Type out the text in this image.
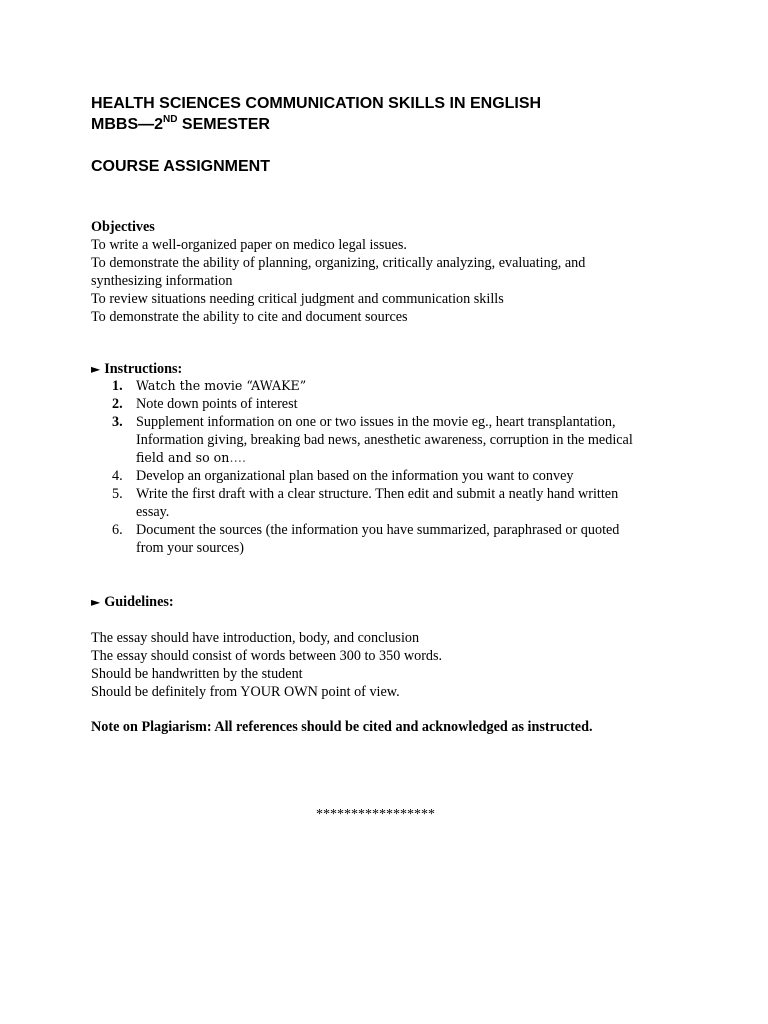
HEALTH SCIENCES COMMUNICATION SKILLS IN ENGLISH
MBBS—2ND SEMESTER
COURSE ASSIGNMENT
Objectives
To write a well-organized paper on medico legal issues.
To demonstrate the ability of planning, organizing, critically analyzing, evaluating, and
synthesizing information
To review situations needing critical judgment and communication skills
To demonstrate the ability to cite and document sources
► Instructions:
1.	Watch the movie “AWAKE”
2. Note down points of interest
3. Supplement information on one or two issues in the movie eg., heart transplantation,
Information giving, breaking bad news, anesthetic awareness, corruption in the medical
field and so on….
4. Develop an organizational plan based on the information you want to convey
5. Write the first draft with a clear structure. Then edit and submit a neatly hand written
essay.
6. Document the sources (the information you have summarized, paraphrased or quoted
from your sources)
► Guidelines:
The essay should have introduction, body, and conclusion
The essay should consist of words between 300 to 350 words.
Should be handwritten by the student
Should be definitely from YOUR OWN point of view.
Note on Plagiarism: All references should be cited and acknowledged as instructed.
*****************
